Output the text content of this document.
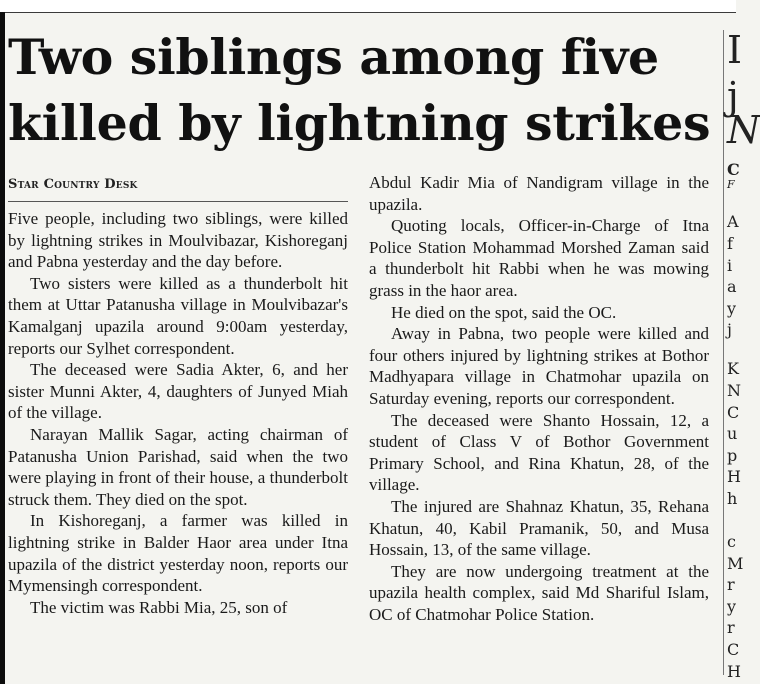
Two siblings among five killed by lightning strikes
Star Country Desk

Five people, including two siblings, were killed by lightning strikes in Moulvibazar, Kishoreganj and Pabna yesterday and the day before.

Two sisters were killed as a thunderbolt hit them at Uttar Patanusha village in Moulvibazar's Kamalganj upazila around 9:00am yesterday, reports our Sylhet correspondent.

The deceased were Sadia Akter, 6, and her sister Munni Akter, 4, daughters of Junyed Miah of the village.

Narayan Mallik Sagar, acting chairman of Patanusha Union Parishad, said when the two were playing in front of their house, a thunderbolt struck them. They died on the spot.

In Kishoreganj, a farmer was killed in lightning strike in Balder Haor area under Itna upazila of the district yesterday noon, reports our Mymensingh correspondent.

The victim was Rabbi Mia, 25, son of

Abdul Kadir Mia of Nandigram village in the upazila.

Quoting locals, Officer-in-Charge of Itna Police Station Mohammad Morshed Zaman said a thunderbolt hit Rabbi when he was mowing grass in the haor area.

He died on the spot, said the OC.

Away in Pabna, two people were killed and four others injured by lightning strikes at Bothor Madhyapara village in Chatmohar upazila on Saturday evening, reports our correspondent.

The deceased were Shanto Hossain, 12, a student of Class V of Bothor Government Primary School, and Rina Khatun, 28, of the village.

The injured are Shahnaz Khatun, 35, Rehana Khatun, 40, Kabil Pramanik, 50, and Musa Hossain, 13, of the same village.

They are now undergoing treatment at the upazila health complex, said Md Shariful Islam, OC of Chatmohar Police Station.

I
j
N
C
F
A
f
i
a
y
j
K
N
C
u
p
H
h
c
M
r
y
r
C
H
